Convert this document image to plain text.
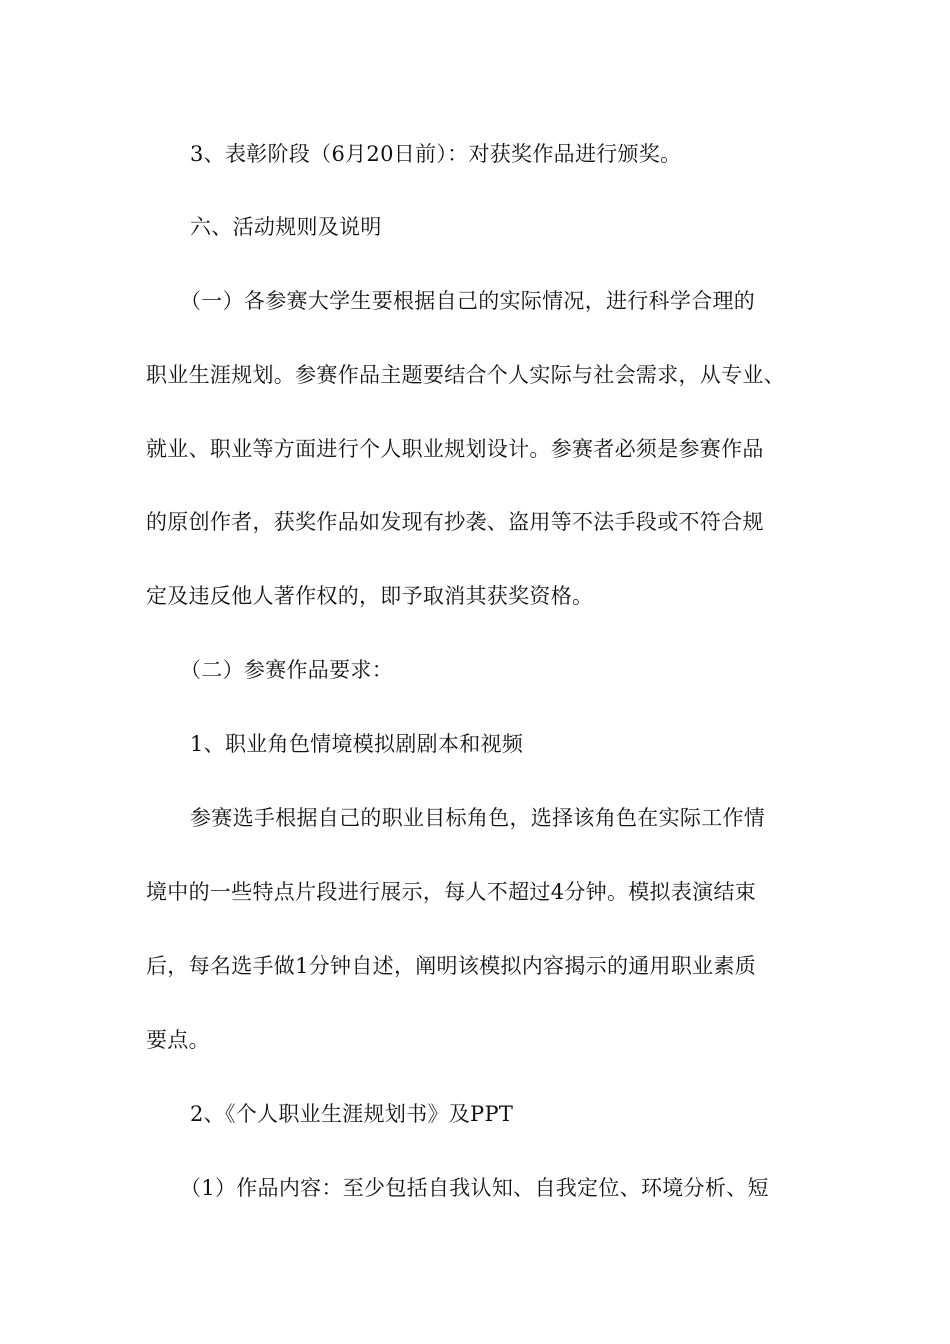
3、表彰阶段（6月20日前）：对获奖作品进行颁奖。

六、活动规则及说明

（一）各参赛大学生要根据自己的实际情况，进行科学合理的

职业生涯规划。参赛作品主题要结合个人实际与社会需求，从专业、

就业、职业等方面进行个人职业规划设计。参赛者必须是参赛作品

的原创作者，获奖作品如发现有抄袭、盗用等不法手段或不符合规

定及违反他人著作权的，即予取消其获奖资格。

（二）参赛作品要求：

1、职业角色情境模拟剧剧本和视频

参赛选手根据自己的职业目标角色，选择该角色在实际工作情

境中的一些特点片段进行展示，每人不超过4分钟。模拟表演结束

后，每名选手做1分钟自述，阐明该模拟内容揭示的通用职业素质

要点。

2、《个人职业生涯规划书》及PPT

（1）作品内容：至少包括自我认知、自我定位、环境分析、短
